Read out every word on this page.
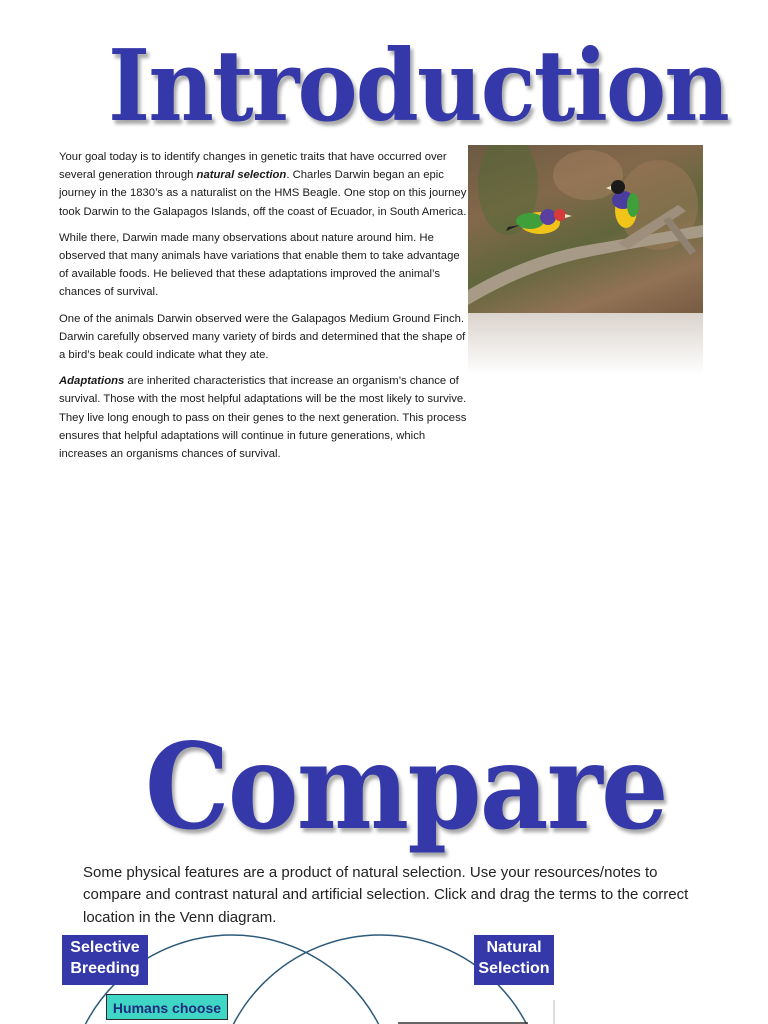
Introduction

Your goal today is to identify changes in genetic traits that have occurred over several generation through natural selection. Charles Darwin began an epic journey in the 1830’s as a naturalist on the HMS Beagle. One stop on this journey took Darwin to the Galapagos Islands, off the coast of Ecuador, in South America.

While there, Darwin made many observations about nature around him. He observed that many animals have variations that enable them to take advantage of available foods. He believed that these adaptations improved the animal’s chances of survival.

One of the animals Darwin observed were the Galapagos Medium Ground Finch. Darwin carefully observed many variety of birds and determined that the shape of a bird’s beak could indicate what they ate.

Adaptations are inherited characteristics that increase an organism’s chance of survival. Those with the most helpful adaptations will be the most likely to survive. They live long enough to pass on their genes to the next generation. This process ensures that helpful adaptations will continue in future generations, which increases an organisms chances of survival.

Compare
Some physical features are a product of natural selection. Use your resources/notes to compare and contrast natural and artificial selection. Click and drag the terms to the correct location in the Venn diagram.
Selective Breeding
Natural Selection
Humans choose
